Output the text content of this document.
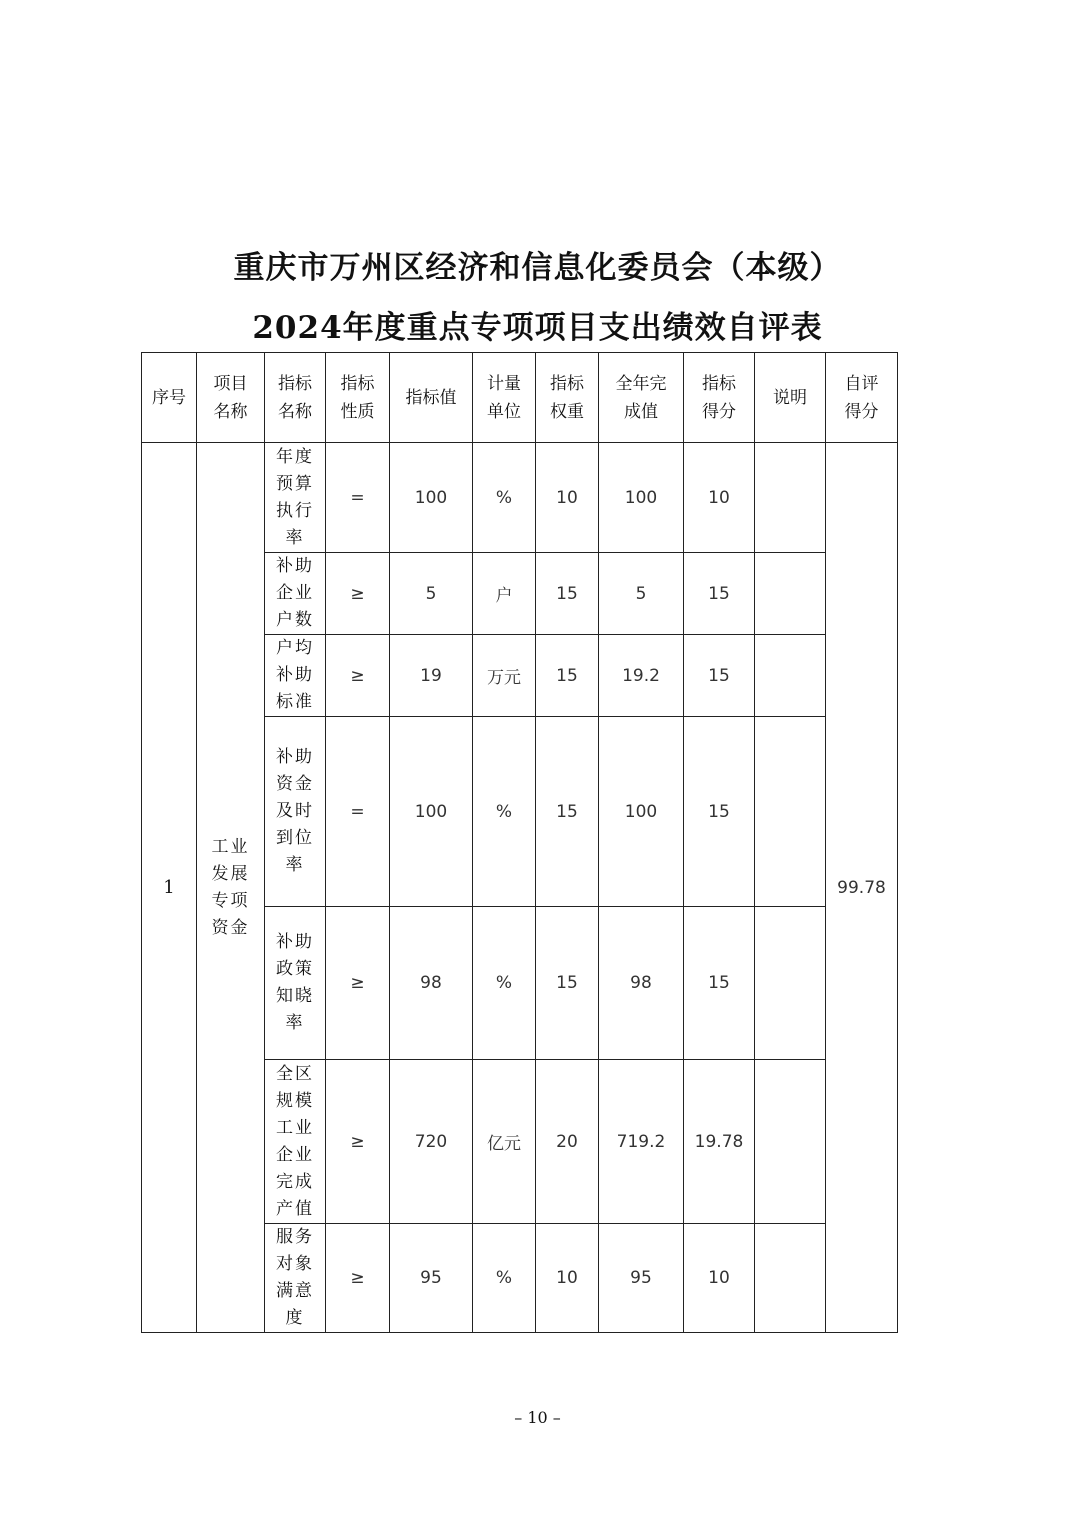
重庆市万州区经济和信息化委员会（本级）
2024年度重点专项项目支出绩效自评表
序号	项目名称	指标名称	指标性质	指标值	计量单位	指标权重	全年完成值	指标得分	说明	自评得分

1	工业发展专项资金	年度预算执行率	=	100	%	10	100	10		99.78

		补助企业户数	≥	5	户	15	5	15		

		户均补助标准	≥	19	万元	15	19.2	15		

		补助资金及时到位率	=	100	%	15	100	15		

		补助政策知晓率	≥	98	%	15	98	15		

		全区规模工业企业完成产值	≥	720	亿元	20	719.2	19.78		

		服务对象满意度	≥	95	%	10	95	10		
– 10 –
